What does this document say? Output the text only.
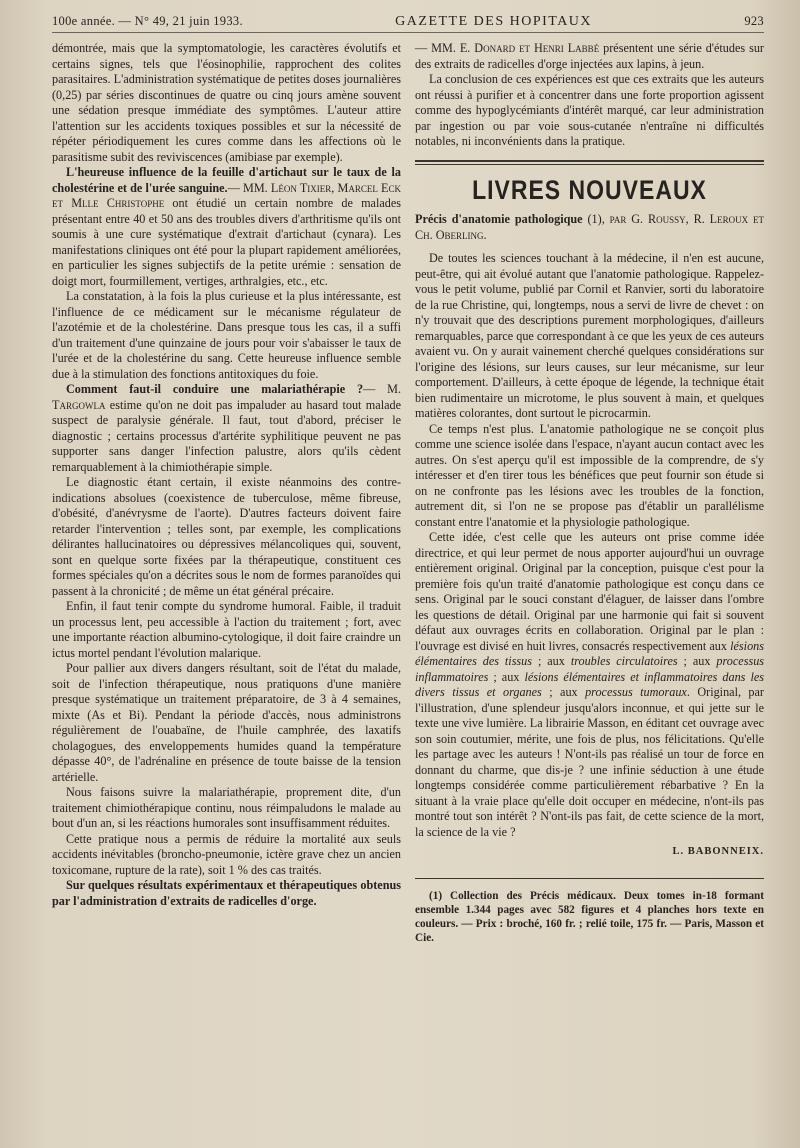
100e année. — N° 49, 21 juin 1933.	GAZETTE DES HOPITAUX	923

démontrée, mais que la symptomatologie, les caractères évolutifs et certains signes, tels que l'éosinophilie, rapprochent des colites parasitaires. L'administration systématique de petites doses journalières (0,25) par séries discontinues de quatre ou cinq jours amène souvent une sédation presque immédiate des symptômes. L'auteur attire l'attention sur les accidents toxiques possibles et sur la nécessité de répéter périodiquement les cures comme dans les affections où le parasitisme subit des reviviscences (amibiase par exemple).

L'heureuse influence de la feuille d'artichaut sur le taux de la cholestérine et de l'urée sanguine.— MM. Léon Tixier, Marcel Eck et Mlle Christophe ont étudié un certain nombre de malades présentant entre 40 et 50 ans des troubles divers d'arthritisme qu'ils ont soumis à une cure systématique d'extrait d'artichaut (cynara). Les manifestations cliniques ont été pour la plupart rapidement améliorées, en particulier les signes subjectifs de la petite urémie : sensation de doigt mort, fourmillement, vertiges, arthralgies, etc., etc.

La constatation, à la fois la plus curieuse et la plus intéressante, est l'influence de ce médicament sur le mécanisme régulateur de l'azotémie et de la cholestérine. Dans presque tous les cas, il a suffi d'un traitement d'une quinzaine de jours pour voir s'abaisser le taux de l'urée et de la cholestérine du sang. Cette heureuse influence semble due à la stimulation des fonctions antitoxiques du foie.

Comment faut-il conduire une malariathérapie ?— M. Targowla estime qu'on ne doit pas impaluder au hasard tout malade suspect de paralysie générale. Il faut, tout d'abord, préciser le diagnostic ; certains processus d'artérite syphilitique peuvent ne pas supporter sans danger l'infection palustre, alors qu'ils cèdent remarquablement à la chimiothérapie simple.

Le diagnostic étant certain, il existe néanmoins des contre-indications absolues (coexistence de tuberculose, même fibreuse, d'obésité, d'anévrysme de l'aorte). D'autres facteurs doivent faire retarder l'intervention ; telles sont, par exemple, les complications délirantes hallucinatoires ou dépressives mélancoliques qui, souvent, sont en quelque sorte fixées par la thérapeutique, constituent ces formes spéciales qu'on a décrites sous le nom de formes paranoïdes qui passent à la chronicité ; de même un état général précaire.

Enfin, il faut tenir compte du syndrome humoral. Faible, il traduit un processus lent, peu accessible à l'action du traitement ; fort, avec une importante réaction albumino-cytologique, il doit faire craindre un ictus mortel pendant l'évolution malarique.

Pour pallier aux divers dangers résultant, soit de l'état du malade, soit de l'infection thérapeutique, nous pratiquons d'une manière presque systématique un traitement préparatoire, de 3 à 4 semaines, mixte (As et Bi). Pendant la période d'accès, nous administrons régulièrement de l'ouabaïne, de l'huile camphrée, des laxatifs cholagogues, des enveloppements humides quand la température dépasse 40°, de l'adrénaline en présence de toute baisse de la tension artérielle.

Nous faisons suivre la malariathérapie, proprement dite, d'un traitement chimiothérapique continu, nous réimpaludons le malade au bout d'un an, si les réactions humorales sont insuffisamment réduites.

Cette pratique nous a permis de réduire la mortalité aux seuls accidents inévitables (broncho-pneumonie, ictère grave chez un ancien toxicomane, rupture de la rate), soit 1 % des cas traités.

Sur quelques résultats expérimentaux et thérapeutiques obtenus par l'administration d'extraits de radicelles d'orge.

— MM. E. Donard et Henri Labbé présentent une série d'études sur des extraits de radicelles d'orge injectées aux lapins, à jeun.

La conclusion de ces expériences est que ces extraits que les auteurs ont réussi à purifier et à concentrer dans une forte proportion agissent comme des hypoglycémiants d'intérêt marqué, car leur administration par ingestion ou par voie sous-cutanée n'entraîne ni difficultés notables, ni inconvénients dans la pratique.

LIVRES NOUVEAUX

Précis d'anatomie pathologique (1), par G. Roussy, R. Leroux et Ch. Oberling.

De toutes les sciences touchant à la médecine, il n'en est aucune, peut-être, qui ait évolué autant que l'anatomie pathologique. Rappelez-vous le petit volume, publié par Cornil et Ranvier, sorti du laboratoire de la rue Christine, qui, longtemps, nous a servi de livre de chevet : on n'y trouvait que des descriptions purement morphologiques, d'ailleurs remarquables, parce que correspondant à ce que les yeux de ces auteurs avaient vu. On y aurait vainement cherché quelques considérations sur l'origine des lésions, sur leurs causes, sur leur mécanisme, sur leur comportement. D'ailleurs, à cette époque de légende, la technique était bien rudimentaire un microtome, le plus souvent à main, et quelques matières colorantes, dont surtout le picrocarmin.

Ce temps n'est plus. L'anatomie pathologique ne se conçoit plus comme une science isolée dans l'espace, n'ayant aucun contact avec les autres. On s'est aperçu qu'il est impossible de la comprendre, de s'y intéresser et d'en tirer tous les bénéfices que peut fournir son étude si on ne confronte pas les lésions avec les troubles de la fonction, autrement dit, si l'on ne se propose pas d'établir un parallélisme constant entre l'anatomie et la physiologie pathologique.

Cette idée, c'est celle que les auteurs ont prise comme idée directrice, et qui leur permet de nous apporter aujourd'hui un ouvrage entièrement original. Original par la conception, puisque c'est pour la première fois qu'un traité d'anatomie pathologique est conçu dans ce sens. Original par le souci constant d'élaguer, de laisser dans l'ombre les questions de détail. Original par une harmonie qui fait si souvent défaut aux ouvrages écrits en collaboration. Original par le plan : l'ouvrage est divisé en huit livres, consacrés respectivement aux lésions élémentaires des tissus ; aux troubles circulatoires ; aux processus inflammatoires ; aux lésions élémentaires et inflammatoires dans les divers tissus et organes ; aux processus tumoraux. Original, par l'illustration, d'une splendeur jusqu'alors inconnue, et qui jette sur le texte une vive lumière. La librairie Masson, en éditant cet ouvrage avec son soin coutumier, mérite, une fois de plus, nos félicitations. Qu'elle les partage avec les auteurs ! N'ont-ils pas réalisé un tour de force en donnant du charme, que dis-je ? une infinie séduction à une étude longtemps considérée comme particulièrement rébarbative ? En la situant à la vraie place qu'elle doit occuper en médecine, n'ont-ils pas montré tout son intérêt ? N'ont-ils pas fait, de cette science de la mort, la science de la vie ?

L. BABONNEIX.

(1) Collection des Précis médicaux. Deux tomes in-18 formant ensemble 1.344 pages avec 582 figures et 4 planches hors texte en couleurs. — Prix : broché, 160 fr. ; relié toile, 175 fr. — Paris, Masson et Cie.
